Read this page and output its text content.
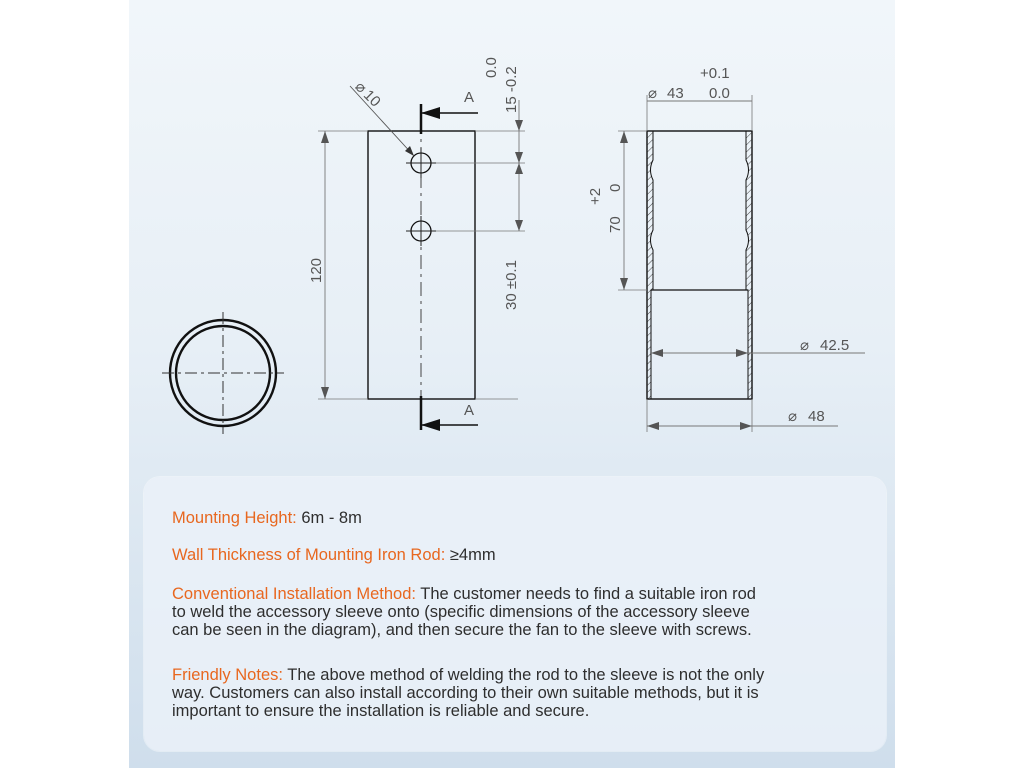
⌀
10	A
A
0.0 15 -0.2
120	30 ±0.1
⌀ 43
+0.1
0.0
+2
0
70
⌀ 42.5
⌀ 48
Mounting Height: 6m - 8m
Wall Thickness of Mounting Iron Rod: ≥4mm
Conventional Installation Method: The customer needs to find a suitable iron rod
to weld the accessory sleeve onto (specific dimensions of the accessory sleeve
can be seen in the diagram), and then secure the fan to the sleeve with screws.
Friendly Notes: The above method of welding the rod to the sleeve is not the only
way. Customers can also install according to their own suitable methods, but it is
important to ensure the installation is reliable and secure.
